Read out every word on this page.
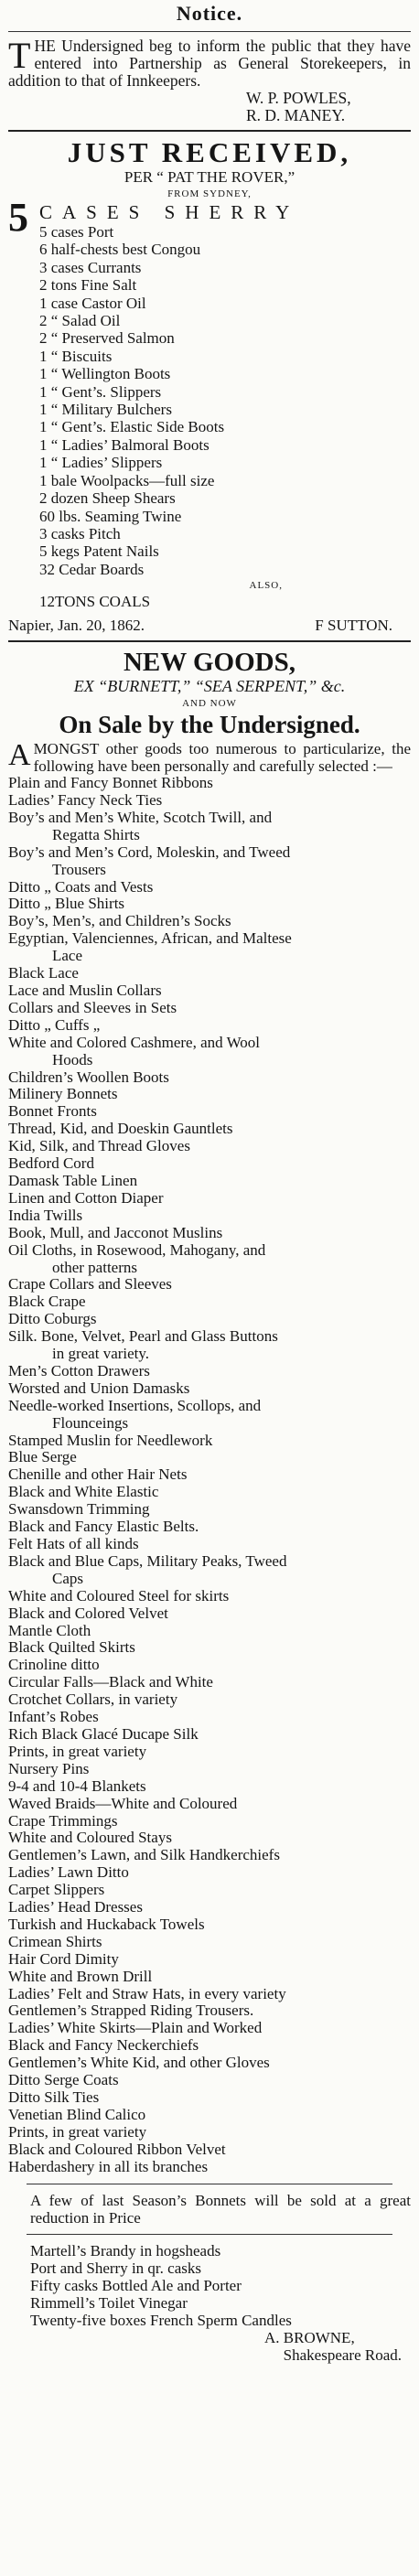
Notice.

THE Undersigned beg to inform the public that they have entered into Partnership as General Storekeepers, in addition to that of Innkeepers.

W. P. POWLES,
R. D. MANEY.

JUST RECEIVED,

PER “ PAT THE ROVER,”

FROM SYDNEY,

5 CASES SHERRY

5 cases Port
6 half-chests best Congou
3 cases Currants
2 tons Fine Salt
1 case Castor Oil
2 “ Salad Oil
2 “ Preserved Salmon
1 “ Biscuits
1 “ Wellington Boots
1 “ Gent’s. Slippers
1 “ Military Bulchers
1 “ Gent’s. Elastic Side Boots
1 “ Ladies’ Balmoral Boots
1 “ Ladies’ Slippers
1 bale Woolpacks—full size
2 dozen Sheep Shears
60 lbs. Seaming Twine
3 casks Pitch
5 kegs Patent Nails
32 Cedar Boards

ALSO,

12TONS COALS
Napier, Jan. 20, 1862.	F SUTTON.

NEW GOODS,

EX “BURNETT,” “SEA SERPENT,” &c.

AND NOW

On Sale by the Undersigned.

AMONGST other goods too numerous to particularize, the following have been personally and carefully selected :—

Plain and Fancy Bonnet Ribbons
Ladies’ Fancy Neck Ties
Boy’s and Men’s White, Scotch Twill, and
Regatta Shirts
Boy’s and Men’s Cord, Moleskin, and Tweed
Trousers
Ditto „ Coats and Vests
Ditto „ Blue Shirts
Boy’s, Men’s, and Children’s Socks
Egyptian, Valenciennes, African, and Maltese
Lace
Black Lace
Lace and Muslin Collars
Collars and Sleeves in Sets
Ditto „ Cuffs „
White and Colored Cashmere, and Wool
Hoods
Children’s Woollen Boots
Milinery Bonnets
Bonnet Fronts
Thread, Kid, and Doeskin Gauntlets
Kid, Silk, and Thread Gloves
Bedford Cord
Damask Table Linen
Linen and Cotton Diaper
India Twills
Book, Mull, and Jacconot Muslins
Oil Cloths, in Rosewood, Mahogany, and
other patterns
Crape Collars and Sleeves
Black Crape
Ditto Coburgs
Silk. Bone, Velvet, Pearl and Glass Buttons
in great variety.
Men’s Cotton Drawers
Worsted and Union Damasks
Needle-worked Insertions, Scollops, and
Flounceings
Stamped Muslin for Needlework
Blue Serge
Chenille and other Hair Nets
Black and White Elastic
Swansdown Trimming
Black and Fancy Elastic Belts.
Felt Hats of all kinds
Black and Blue Caps, Military Peaks, Tweed
Caps
White and Coloured Steel for skirts
Black and Colored Velvet
Mantle Cloth
Black Quilted Skirts
Crinoline ditto
Circular Falls—Black and White
Crotchet Collars, in variety
Infant’s Robes
Rich Black Glacé Ducape Silk
Prints, in great variety
Nursery Pins
9-4 and 10-4 Blankets
Waved Braids—White and Coloured
Crape Trimmings
White and Coloured Stays
Gentlemen’s Lawn, and Silk Handkerchiefs
Ladies’ Lawn Ditto
Carpet Slippers
Ladies’ Head Dresses
Turkish and Huckaback Towels
Crimean Shirts
Hair Cord Dimity
White and Brown Drill
Ladies’ Felt and Straw Hats, in every variety
Gentlemen’s Strapped Riding Trousers.
Ladies’ White Skirts—Plain and Worked
Black and Fancy Neckerchiefs
Gentlemen’s White Kid, and other Gloves
Ditto Serge Coats
Ditto Silk Ties
Venetian Blind Calico
Prints, in great variety
Black and Coloured Ribbon Velvet
Haberdashery in all its branches

A few of last Season’s Bonnets will be sold at a great reduction in Price

Martell’s Brandy in hogsheads

Port and Sherry in qr. casks

Fifty casks Bottled Ale and Porter

Rimmell’s Toilet Vinegar

Twenty-five boxes French Sperm Candles

A. BROWNE,

Shakespeare Road.
